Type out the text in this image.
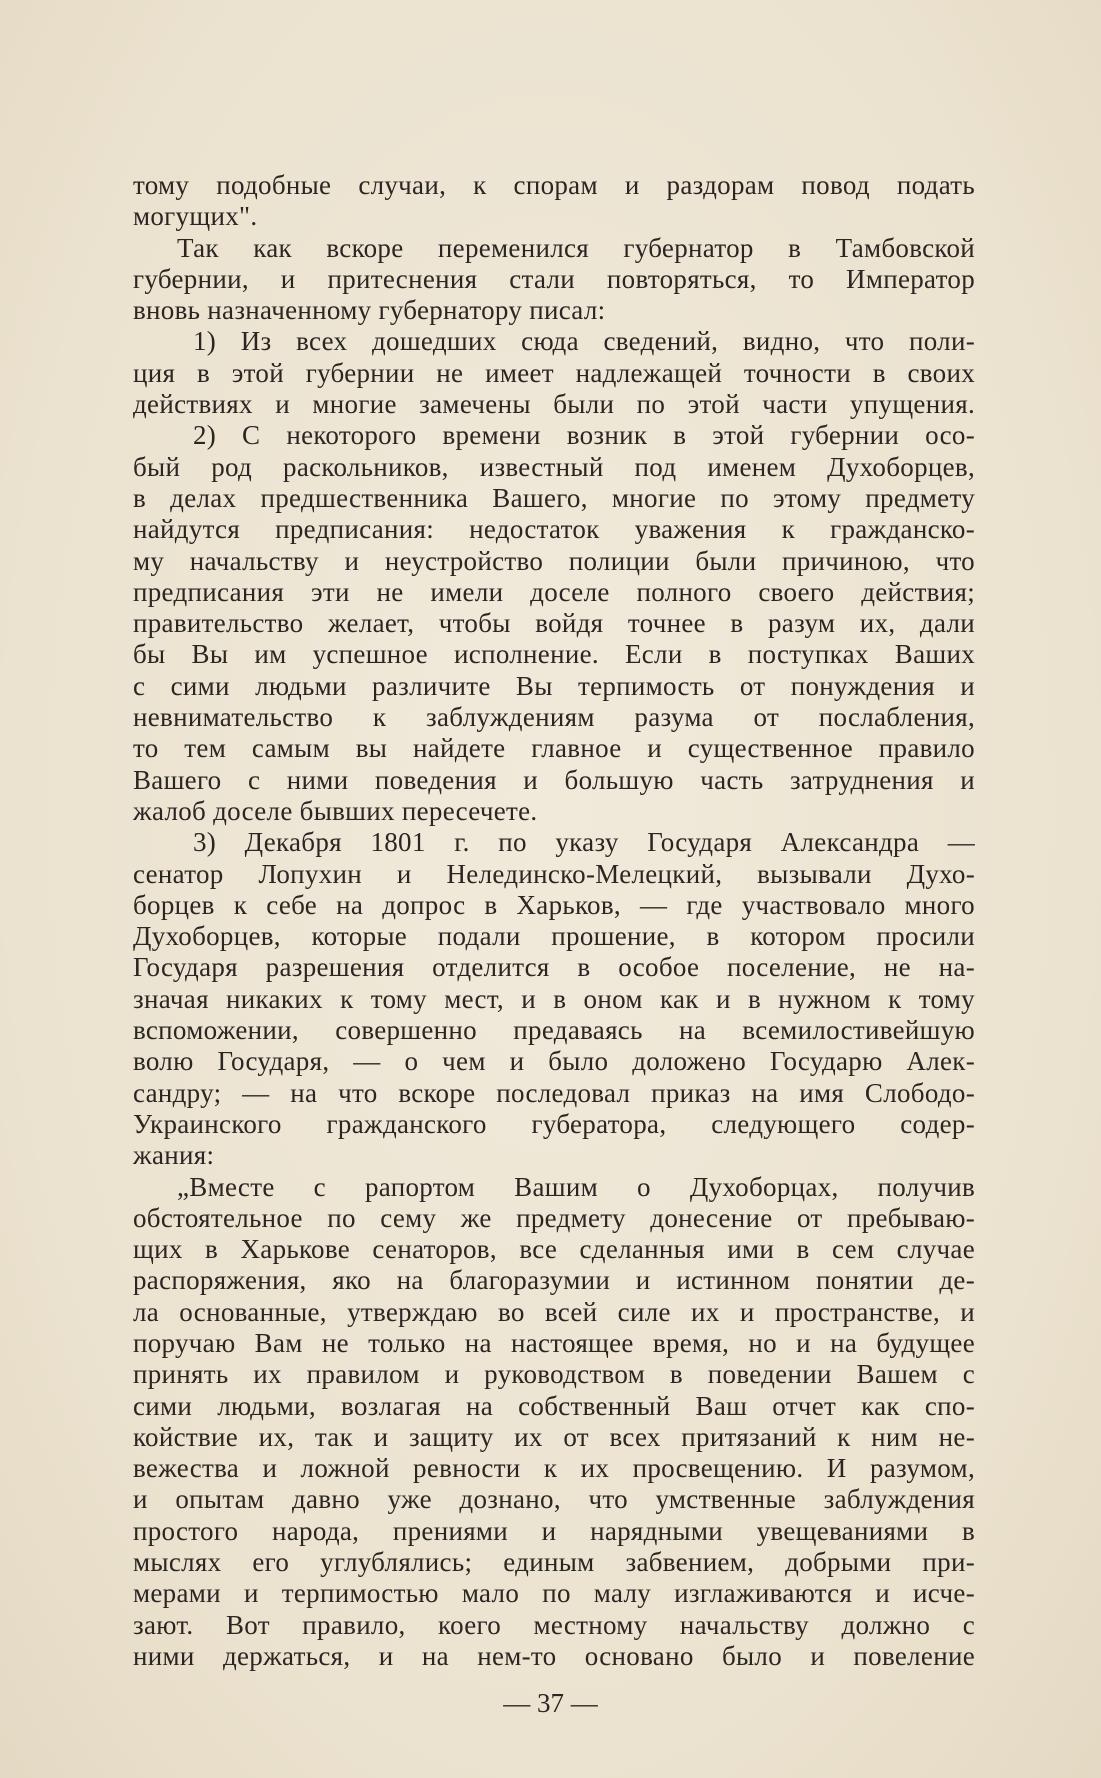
тому подобные случаи, к спорам и раздорам повод подать
могущих".
Так как вскоре переменился губернатор в Тамбовской
губернии, и притеснения стали повторяться, то Император
вновь назначенному губернатору писал:
1) Из всех дошедших сюда сведений, видно, что поли-
ция в этой губернии не имеет надлежащей точности в своих
действиях и многие замечены были по этой части упущения.
2) С некоторого времени возник в этой губернии осо-
бый род раскольников, известный под именем Духоборцев,
в делах предшественника Вашего, многие по этому предмету
найдутся предписания: недостаток уважения к гражданско-
му начальству и неустройство полиции были причиною, что
предписания эти не имели доселе полного своего действия;
правительство желает, чтобы войдя точнее в разум их, дали
бы Вы им успешное исполнение. Если в поступках Ваших
с сими людьми различите Вы терпимость от понуждения и
невнимательство к заблуждениям разума от послабления,
то тем самым вы найдете главное и существенное правило
Вашего с ними поведения и большую часть затруднения и
жалоб доселе бывших пересечете.
3) Декабря 1801 г. по указу Государя Александра —
сенатор Лопухин и Нелединско-Мелецкий, вызывали Духо-
борцев к себе на допрос в Харьков, — где участвовало много
Духоборцев, которые подали прошение, в котором просили
Государя разрешения отделится в особое поселение, не на-
значая никаких к тому мест, и в оном как и в нужном к тому
вспоможении, совершенно предаваясь на всемилостивейшую
волю Государя, — о чем и было доложено Государю Алек-
сандру; — на что вскоре последовал приказ на имя Слободо-
Украинского гражданского губератора, следующего содер-
жания:
„Вместе с рапортом Вашим о Духоборцах, получив
обстоятельное по сему же предмету донесение от пребываю-
щих в Харькове сенаторов, все сделанныя ими в сем случае
распоряжения, яко на благоразумии и истинном понятии де-
ла основанные, утверждаю во всей силе их и пространстве, и
поручаю Вам не только на настоящее время, но и на будущее
принять их правилом и руководством в поведении Вашем с
сими людьми, возлагая на собственный Ваш отчет как спо-
койствие их, так и защиту их от всех притязаний к ним не-
вежества и ложной ревности к их просвещению. И разумом,
и опытам давно уже дознано, что умственные заблуждения
простого народа, прениями и нарядными увещеваниями в
мыслях его углублялись; единым забвением, добрыми при-
мерами и терпимостью мало по малу изглаживаются и исче-
зают. Вот правило, коего местному начальству должно с
ними держаться, и на нем-то основано было и повеление
— 37 —
